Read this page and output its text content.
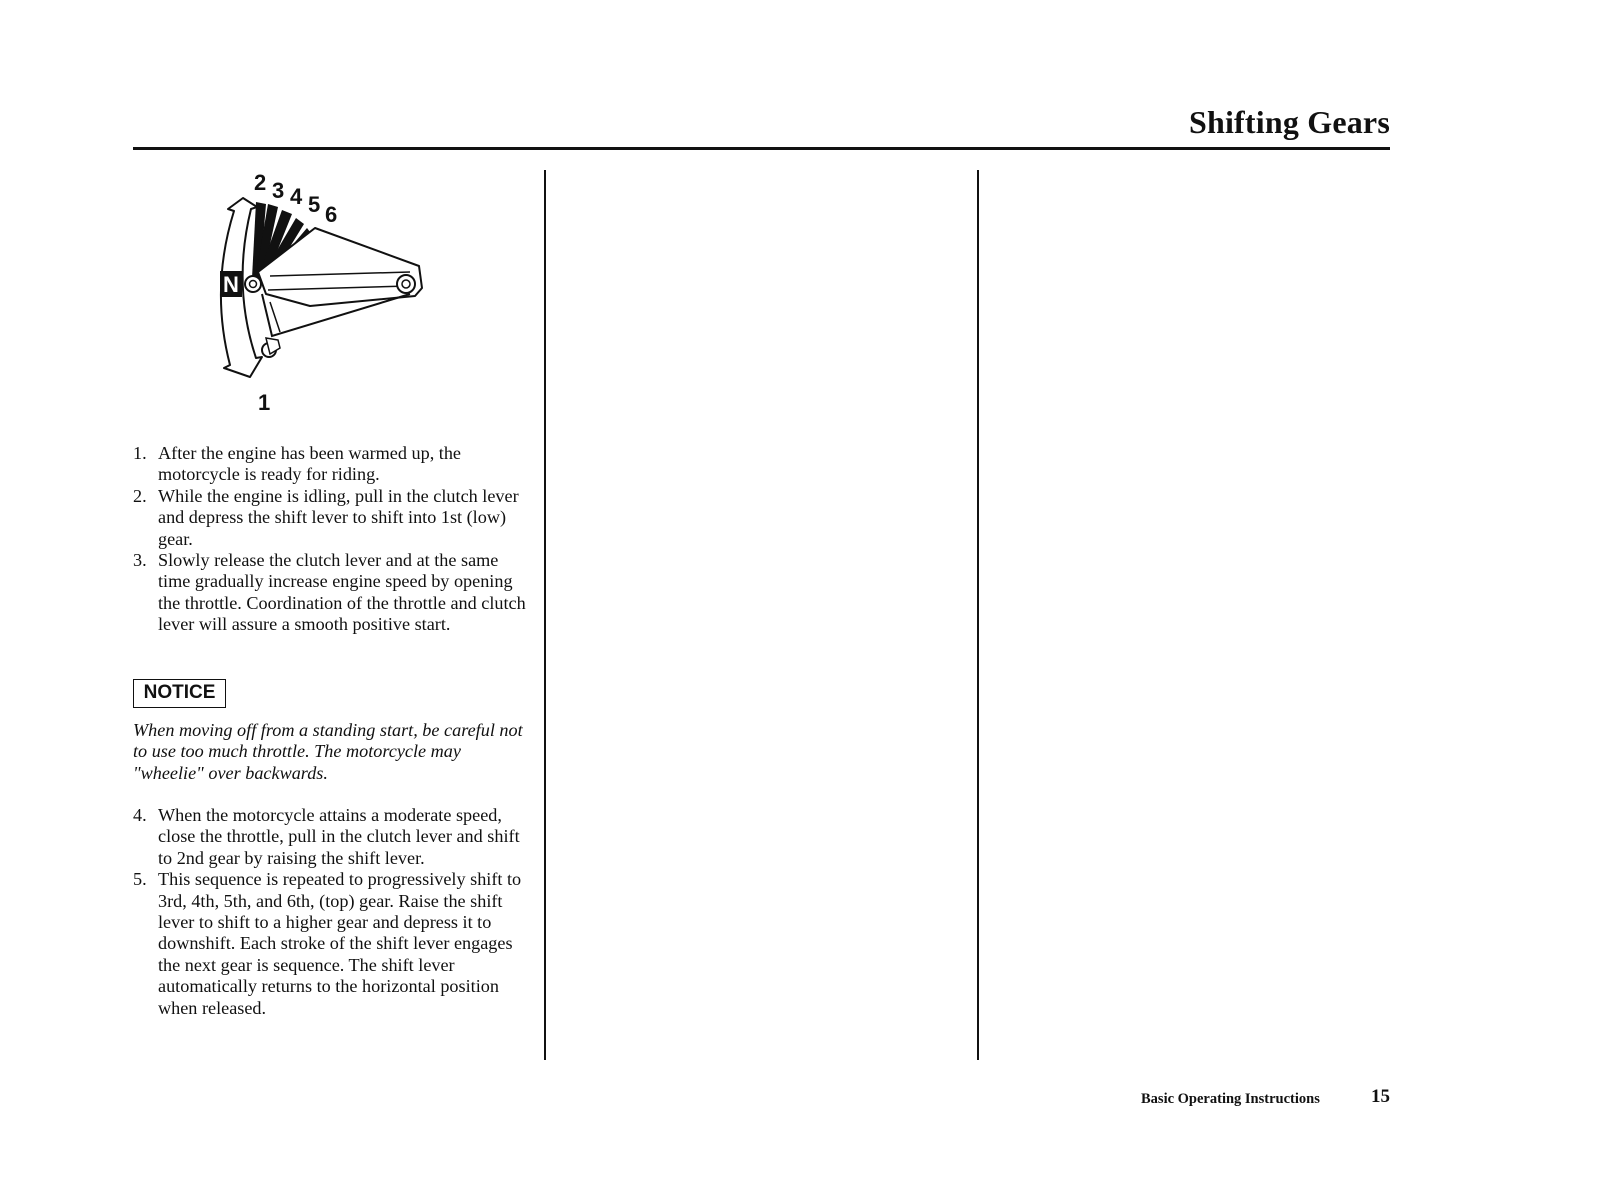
Shifting Gears
N
2 3 4 5 6
1
1. After the engine has been warmed up, the motorcycle is ready for riding.
2. While the engine is idling, pull in the clutch lever and depress the shift lever to shift into 1st (low) gear.
3. Slowly release the clutch lever and at the same time gradually increase engine speed by opening the throttle. Coordination of the throttle and clutch lever will assure a smooth positive start.
NOTICE

When moving off from a standing start, be careful not to use too much throttle. The motorcycle may "wheelie" over backwards.

4. When the motorcycle attains a moderate speed, close the throttle, pull in the clutch lever and shift to 2nd gear by raising the shift lever.
5. This sequence is repeated to progressively shift to 3rd, 4th, 5th, and 6th, (top) gear. Raise the shift lever to shift to a higher gear and depress it to downshift. Each stroke of the shift lever engages the next gear is sequence. The shift lever automatically returns to the horizontal position when released.
Basic Operating Instructions	15
